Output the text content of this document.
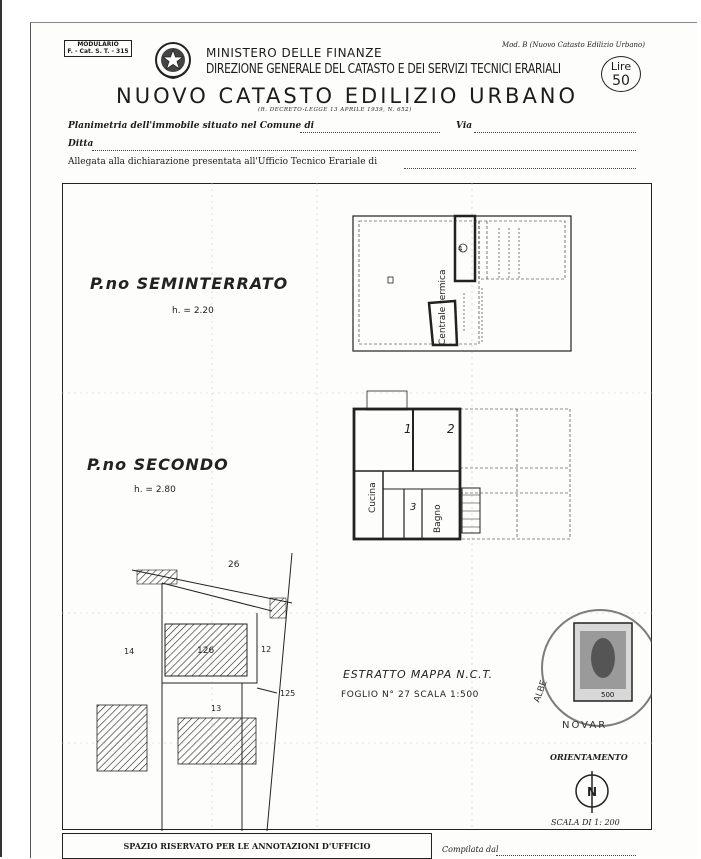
MODULARIO
F. - Cat. S. T. - 315
Mod. B (Nuovo Catasto Edilizio Urbano)
MINISTERO DELLE FINANZE
DIREZIONE GENERALE DEL CATASTO E DEI SERVIZI TECNICI ERARIALI
NUOVO CATASTO EDILIZIO URBANO
Lire
50
(R. DECRETO-LEGGE 13 APRILE 1939, N. 652)
Planimetria dell'immobile situato nel Comune di	Via
Ditta
Allegata alla dichiarazione presentata all'Ufficio Tecnico Erariale di
4
Centrale termica
P.no SEMINTERRATO
h. = 2.20
1	2
3
Cucina
Bagno
P.no SECONDO
h. = 2.80
26
14	126	12
125
13
ESTRATTO MAPPA N.C.T.
FOGLIO N° 27 SCALA 1:500	ALBE
NOVAR
500
ORIENTAMENTO
N
SCALA DI 1: 200
SPAZIO RISERVATO PER LE ANNOTAZIONI D'UFFICIO	Compilata dal
